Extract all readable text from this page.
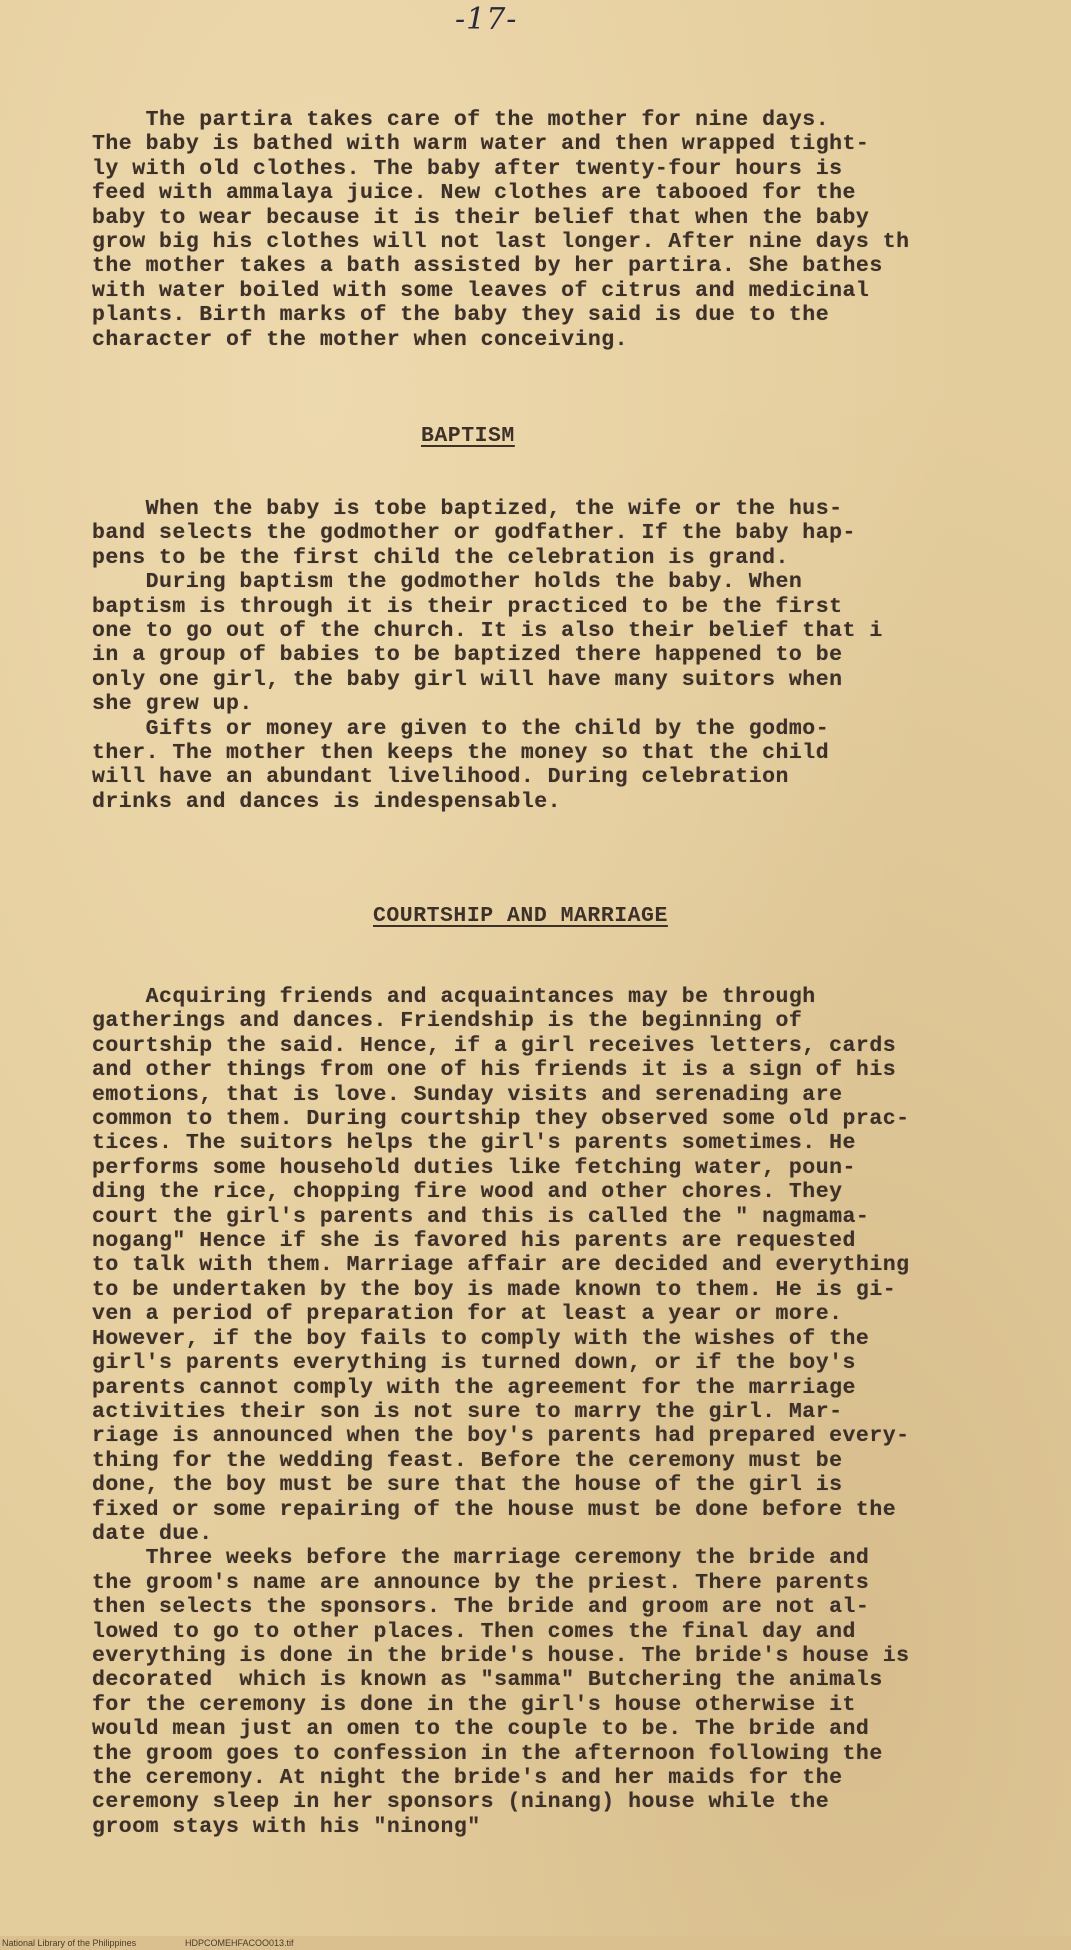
-17-
The partira takes care of the mother for nine days.
The baby is bathed with warm water and then wrapped tight-
ly with old clothes. The baby after twenty-four hours is
feed with ammalaya juice. New clothes are tabooed for the
baby to wear because it is their belief that when the baby
grow big his clothes will not last longer. After nine days th
the mother takes a bath assisted by her partira. She bathes
with water boiled with some leaves of citrus and medicinal
plants. Birth marks of the baby they said is due to the
character of the mother when conceiving.
BAPTISM
When the baby is tobe baptized, the wife or the hus-
band selects the godmother or godfather. If the baby hap-
pens to be the first child the celebration is grand.
During baptism the godmother holds the baby. When
baptism is through it is their practiced to be the first
one to go out of the church. It is also their belief that i
in a group of babies to be baptized there happened to be
only one girl, the baby girl will have many suitors when
she grew up.
Gifts or money are given to the child by the godmo-
ther. The mother then keeps the money so that the child
will have an abundant livelihood. During celebration
drinks and dances is indespensable.
COURTSHIP AND MARRIAGE
Acquiring friends and acquaintances may be through
gatherings and dances. Friendship is the beginning of
courtship the said. Hence, if a girl receives letters, cards
and other things from one of his friends it is a sign of his
emotions, that is love. Sunday visits and serenading are
common to them. During courtship they observed some old prac-
tices. The suitors helps the girl's parents sometimes. He
performs some household duties like fetching water, poun-
ding the rice, chopping fire wood and other chores. They
court the girl's parents and this is called the " nagmama-
nogang" Hence if she is favored his parents are requested
to talk with them. Marriage affair are decided and everything
to be undertaken by the boy is made known to them. He is gi-
ven a period of preparation for at least a year or more.
However, if the boy fails to comply with the wishes of the
girl's parents everything is turned down, or if the boy's
parents cannot comply with the agreement for the marriage
activities their son is not sure to marry the girl. Mar-
riage is announced when the boy's parents had prepared every-
thing for the wedding feast. Before the ceremony must be
done, the boy must be sure that the house of the girl is
fixed or some repairing of the house must be done before the
date due.
Three weeks before the marriage ceremony the bride and
the groom's name are announce by the priest. There parents
then selects the sponsors. The bride and groom are not al-
lowed to go to other places. Then comes the final day and
everything is done in the bride's house. The bride's house is
decorated  which is known as "samma" Butchering the animals
for the ceremony is done in the girl's house otherwise it
would mean just an omen to the couple to be. The bride and
the groom goes to confession in the afternoon following the
the ceremony. At night the bride's and her maids for the
ceremony sleep in her sponsors (ninang) house while the
groom stays with his "ninong"

National Library of the Philippines

	HDPCOMEHFACOO013.tif
